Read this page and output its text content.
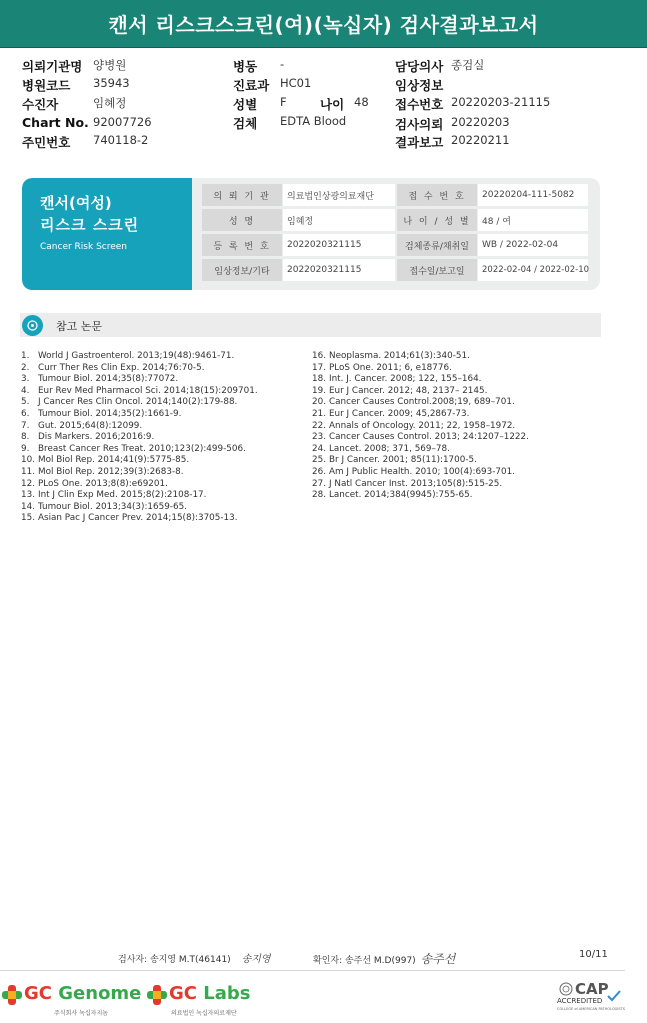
캔서 리스크스크린(여)(녹십자) 검사결과보고서
의뢰기관명 양병원
병원코드 35943
수진자	임혜정
Chart No. 92007726
주민번호 740118-2
병동 -
진료과 HC01
성별 F	나이 48
검체 EDTA Blood
담당의사 종검실
임상정보
접수번호 20220203-21115
검사의뢰 20220203
결과보고 20220211
캔서(여성)
리스크 스크린
Cancer Risk Screen
의 뢰 기 관	의료법인상광의료재단	접 수 번 호	20220204-111-5082
성 명	임혜정	나 이 / 성 별	48 / 여
등 록 번 호	2022020321115	검체종류/채취일	WB / 2022-02-04
임상정보/기타	2022020321115	접수일/보고일	2022-02-04 / 2022-02-10
참고 논문
1. World J Gastroenterol. 2013;19(48):9461-71.
2. Curr Ther Res Clin Exp. 2014;76:70-5.
3. Tumour Biol. 2014;35(8):77072.
4. Eur Rev Med Pharmacol Sci. 2014;18(15):209701.
5. J Cancer Res Clin Oncol. 2014;140(2):179-88.
6. Tumour Biol. 2014;35(2):1661-9.
7. Gut. 2015;64(8):12099.
8. Dis Markers. 2016;2016:9.
9. Breast Cancer Res Treat. 2010;123(2):499-506.
10. Mol Biol Rep. 2014;41(9):5775-85.
11. Mol Biol Rep. 2012;39(3):2683-8.
12. PLoS One. 2013;8(8):e69201.
13. Int J Clin Exp Med. 2015;8(2):2108-17.
14. Tumour Biol. 2013;34(3):1659-65.
15. Asian Pac J Cancer Prev. 2014;15(8):3705-13.
16. Neoplasma. 2014;61(3):340-51.
17. PLoS One. 2011; 6, e18776.
18. Int. J. Cancer. 2008; 122, 155–164.
19. Eur J Cancer. 2012; 48, 2137– 2145.
20. Cancer Causes Control.2008;19, 689–701.
21. Eur J Cancer. 2009; 45,2867-73.
22. Annals of Oncology. 2011; 22, 1958–1972.
23. Cancer Causes Control. 2013; 24:1207–1222.
24. Lancet. 2008; 371, 569–78.
25. Br J Cancer. 2001; 85(11):1700-5.
26. Am J Public Health. 2010; 100(4):693-701.
27. J Natl Cancer Inst. 2013;105(8):515-25.
28. Lancet. 2014;384(9945):755-65.
검사자: 송지영 M.T(46141) 송지영	확인자: 송주선 M.D(997) 송주선	10/11
GC Genome
주식회사 녹십자지놈
GC Labs
의료법인 녹십자의료재단
CAP
ACCREDITED
COLLEGE of AMERICAN PATHOLOGISTS
